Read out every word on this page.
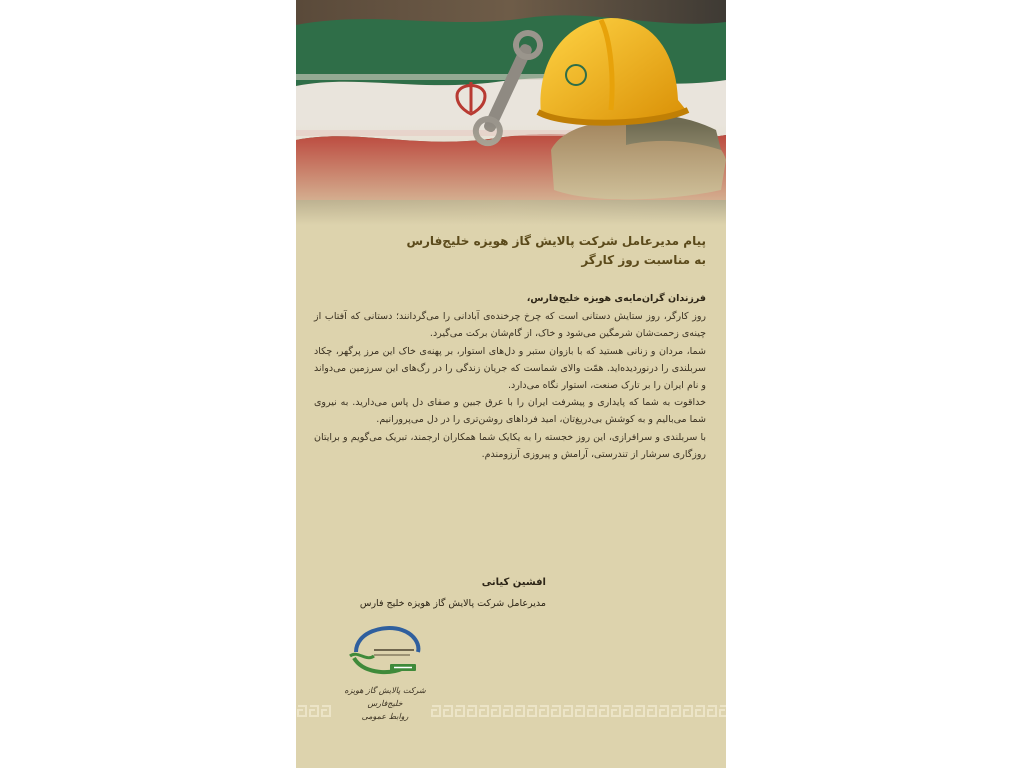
پیام مدیرعامل شرکت پالایش گاز هویزه خلیج‌فارس
به مناسبت روز کارگر
فرزندان گران‌مایه‌ی هویزه خلیج‌فارس،

روز کارگر، روز ستایش دستانی است که چرخ چرخنده‌ی آبادانی را می‌گردانند؛ دستانی که آفتاب از چینه‌ی زحمت‌شان شرمگین می‌شود و خاک، از گام‌شان برکت می‌گیرد.

شما، مردان و زنانی هستید که با بازوان ستبر و دل‌های استوار، بر پهنه‌ی خاک این مرز پرگهر، چکاد سربلندی را درنوردیده‌اید. همّت والای شماست که جریان زندگی را در رگ‌های این سرزمین می‌دواند و نام ایران را بر تارک صنعت، استوار نگاه می‌دارد.

خداقوت به شما که پایداری و پیشرفت ایران را با عرق جبین و صفای دل پاس می‌دارید. به نیروی شما می‌بالیم و به کوشش بی‌دریغ‌تان، امید فرداهای روشن‌تری را در دل می‌پرورانیم.

با سربلندی و سرافرازی، این روز خجسته را به یکایک شما همکاران ارجمند، تبریک می‌گویم و برایتان روزگاری سرشار از تندرستی، آرامش و پیروزی آرزومندم.

افشین کیانی
مدیرعامل شرکت پالایش گاز هویزه خلیج فارس
شرکت پالایش گاز هویزه خلیج‌فارس
روابط عمومی
